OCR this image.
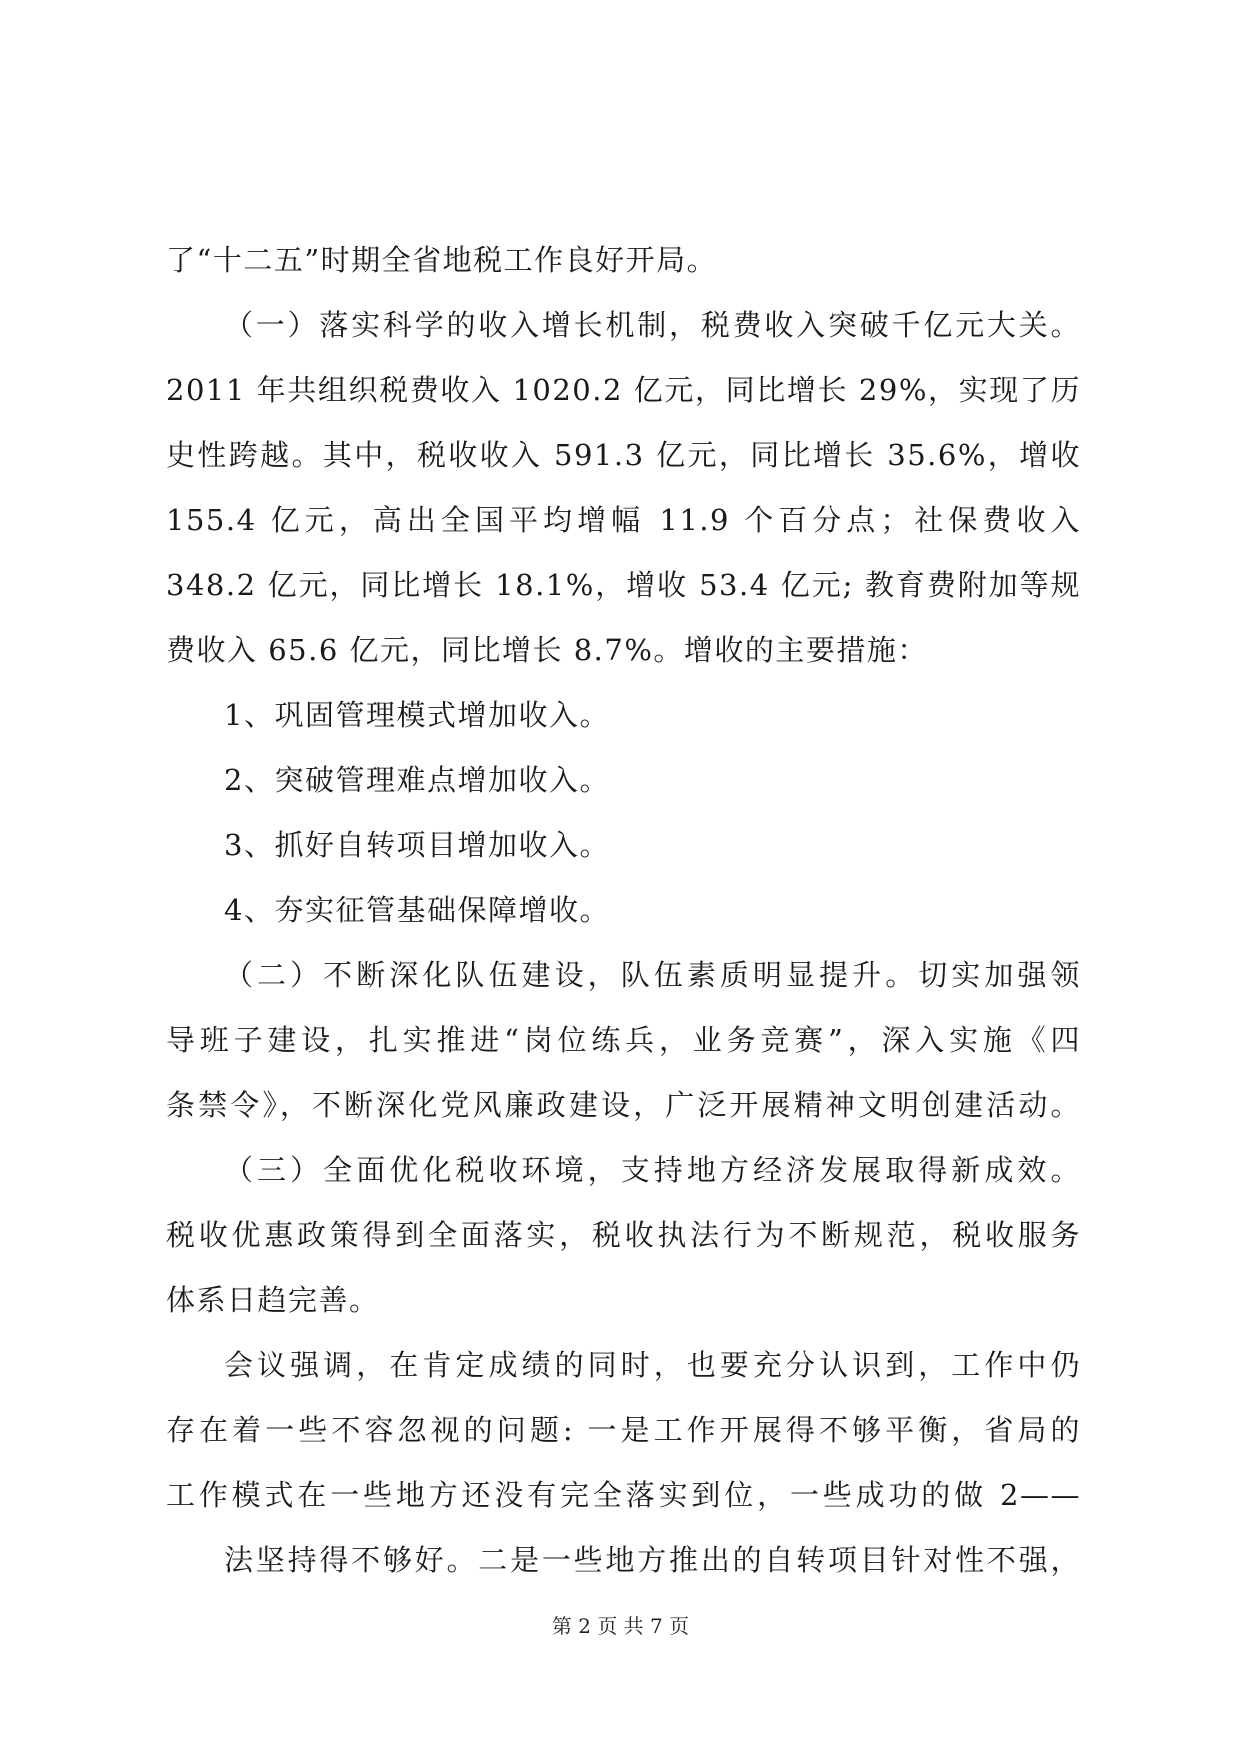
了“十二五”时期全省地税工作良好开局。
（一）落实科学的收入增长机制，税费收入突破千亿元大关。
2011 年共组织税费收入 1020.2 亿元，同比增长 29%，实现了历
史性跨越。其中，税收收入 591.3 亿元，同比增长 35.6%，增收
155.4 亿元，高出全国平均增幅 11.9 个百分点；社保费收入
348.2 亿元，同比增长 18.1%，增收 53.4 亿元; 教育费附加等规
费收入 65.6 亿元，同比增长 8.7%。增收的主要措施：
1、巩固管理模式增加收入。
2、突破管理难点增加收入。
3、抓好自转项目增加收入。
4、夯实征管基础保障增收。
（二）不断深化队伍建设，队伍素质明显提升。切实加强领
导班子建设，扎实推进“岗位练兵，业务竞赛”，深入实施《四
条禁令》，不断深化党风廉政建设，广泛开展精神文明创建活动。
（三）全面优化税收环境，支持地方经济发展取得新成效。
税收优惠政策得到全面落实，税收执法行为不断规范，税收服务
体系日趋完善。
会议强调，在肯定成绩的同时，也要充分认识到，工作中仍
存在着一些不容忽视的问题: 一是工作开展得不够平衡，省局的
工作模式在一些地方还没有完全落实到位，一些成功的做 2——
法坚持得不够好。二是一些地方推出的自转项目针对性不强，
第 2 页 共 7 页
